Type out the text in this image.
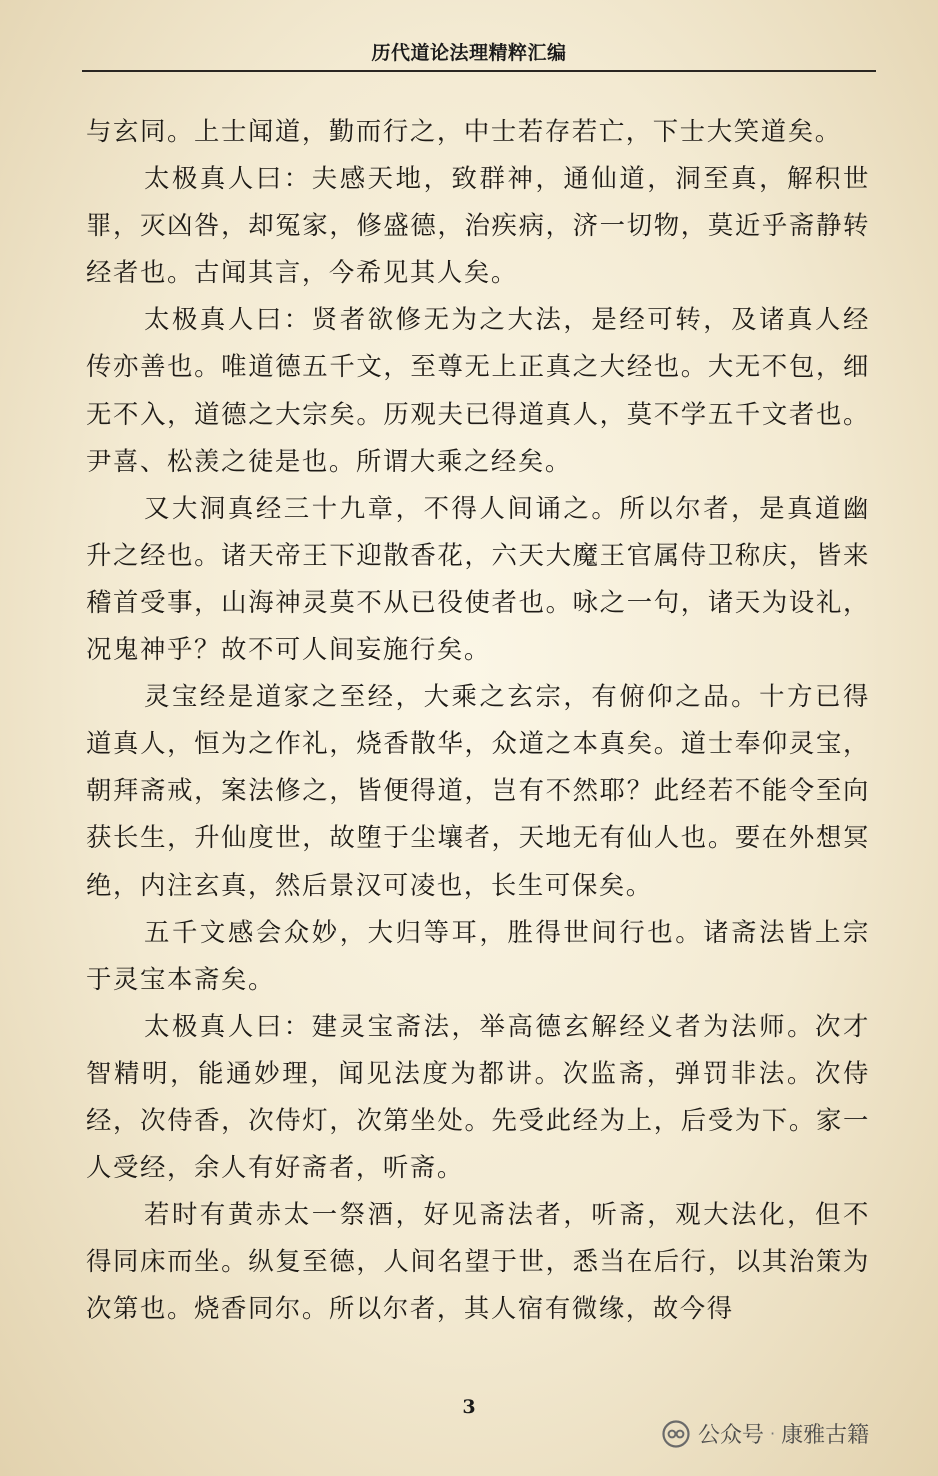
历代道论法理精粹汇编

与玄同。上士闻道，勤而行之，中士若存若亡，下士大笑道矣。

太极真人曰：夫感天地，致群神，通仙道，洞至真，解积世罪，灭凶咎，却冤家，修盛德，治疾病，济一切物，莫近乎斋静转经者也。古闻其言，今希见其人矣。

太极真人曰：贤者欲修无为之大法，是经可转，及诸真人经传亦善也。唯道德五千文，至尊无上正真之大经也。大无不包，细无不入，道德之大宗矣。历观夫已得道真人，莫不学五千文者也。尹喜、松羡之徒是也。所谓大乘之经矣。

又大洞真经三十九章，不得人间诵之。所以尔者，是真道幽升之经也。诸天帝王下迎散香花，六天大魔王官属侍卫称庆，皆来稽首受事，山海神灵莫不从已役使者也。咏之一句，诸天为设礼，况鬼神乎？故不可人间妄施行矣。

灵宝经是道家之至经，大乘之玄宗，有俯仰之品。十方已得道真人，恒为之作礼，烧香散华，众道之本真矣。道士奉仰灵宝，朝拜斋戒，案法修之，皆便得道，岂有不然耶？此经若不能令至向获长生，升仙度世，故堕于尘壤者，天地无有仙人也。要在外想冥绝，内注玄真，然后景汉可凌也，长生可保矣。

五千文感会众妙，大归等耳，胜得世间行也。诸斋法皆上宗于灵宝本斋矣。

太极真人曰：建灵宝斋法，举高德玄解经义者为法师。次才智精明，能通妙理，闻见法度为都讲。次监斋，弹罚非法。次侍经，次侍香，次侍灯，次第坐处。先受此经为上，后受为下。家一人受经，余人有好斋者，听斋。

若时有黄赤太一祭酒，好见斋法者，听斋，观大法化，但不得同床而坐。纵复至德，人间名望于世，悉当在后行，以其治策为次第也。烧香同尔。所以尔者，其人宿有微缘，故今得

3
公众号 · 康雅古籍
